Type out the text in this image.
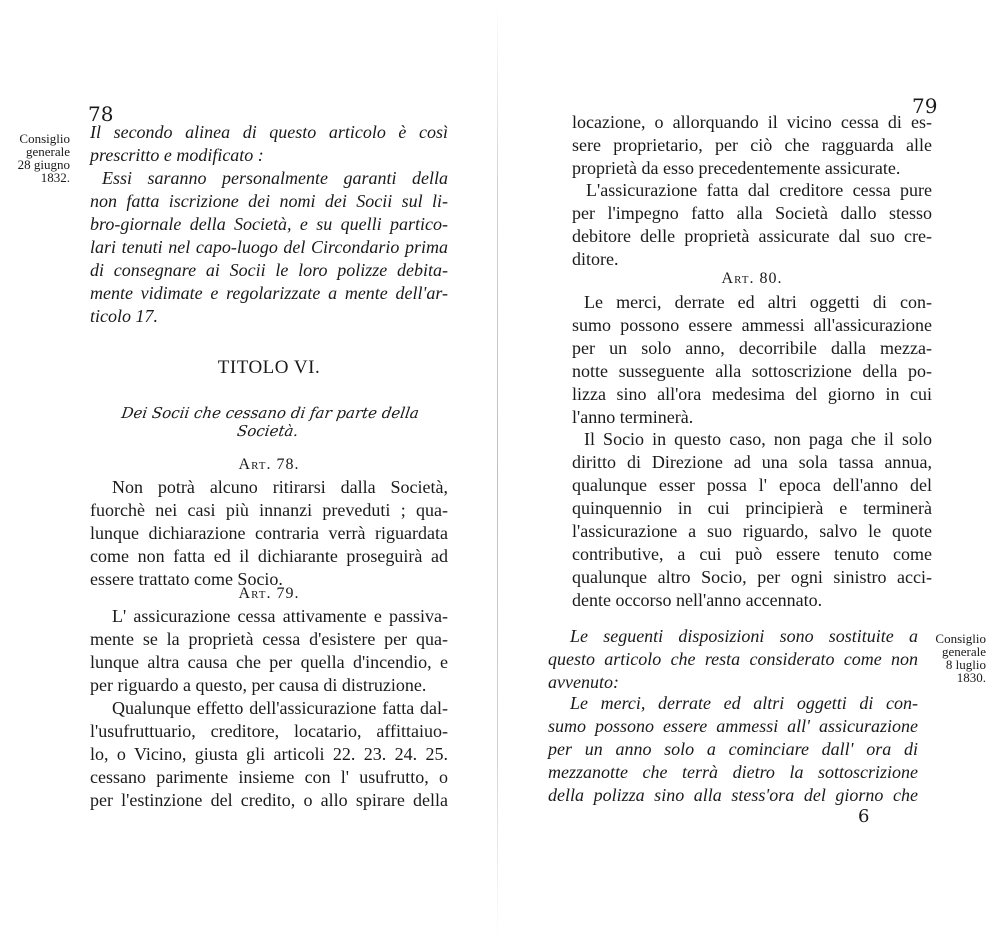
78
Consiglio
generale
28 giugno
1832.
Il secondo alinea di questo articolo è così
prescritto e modificato :
Essi saranno personalmente garanti della
non fatta iscrizione dei nomi dei Socii sul li-
bro-giornale della Società, e su quelli partico-
lari tenuti nel capo-luogo del Circondario prima
di consegnare ai Socii le loro polizze debita-
mente vidimate e regolarizzate a mente dell'ar-
ticolo 17.
TITOLO VI.
Dei Socii che cessano di far parte della Società.
Art. 78.
Non potrà alcuno ritirarsi dalla Società,
fuorchè nei casi più innanzi preveduti ; qua-
lunque dichiarazione contraria verrà riguardata
come non fatta ed il dichiarante proseguirà ad
essere trattato come Socio.
Art. 79.
L' assicurazione cessa attivamente e passiva-
mente se la proprietà cessa d'esistere per qua-
lunque altra causa che per quella d'incendio, e
per riguardo a questo, per causa di distruzione.
Qualunque effetto dell'assicurazione fatta dal-
l'usufruttuario, creditore, locatario, affittaiuo-
lo, o Vicino, giusta gli articoli 22. 23. 24. 25.
cessano parimente insieme con l' usufrutto, o
per l'estinzione del credito, o allo spirare della
79
locazione, o allorquando il vicino cessa di es-
sere proprietario, per ciò che ragguarda alle
proprietà da esso precedentemente assicurate.
L'assicurazione fatta dal creditore cessa pure
per l'impegno fatto alla Società dallo stesso
debitore delle proprietà assicurate dal suo cre-
ditore.
Art. 80.
Le merci, derrate ed altri oggetti di con-
sumo possono essere ammessi all'assicurazione
per un solo anno, decorribile dalla mezza-
notte susseguente alla sottoscrizione della po-
lizza sino all'ora medesima del giorno in cui
l'anno terminerà.
Il Socio in questo caso, non paga che il solo
diritto di Direzione ad una sola tassa annua,
qualunque esser possa l' epoca dell'anno del
quinquennio in cui principierà e terminerà
l'assicurazione a suo riguardo, salvo le quote
contributive, a cui può essere tenuto come
qualunque altro Socio, per ogni sinistro acci-
dente occorso nell'anno accennato.
Le seguenti disposizioni sono sostituite a
questo articolo che resta considerato come non
avvenuto:
Le merci, derrate ed altri oggetti di con-
sumo possono essere ammessi all' assicurazione
per un anno solo a cominciare dall' ora di
mezzanotte che terrà dietro la sottoscrizione
della polizza sino alla stess'ora del giorno che
Consiglio
generale
8 luglio
1830.
6
